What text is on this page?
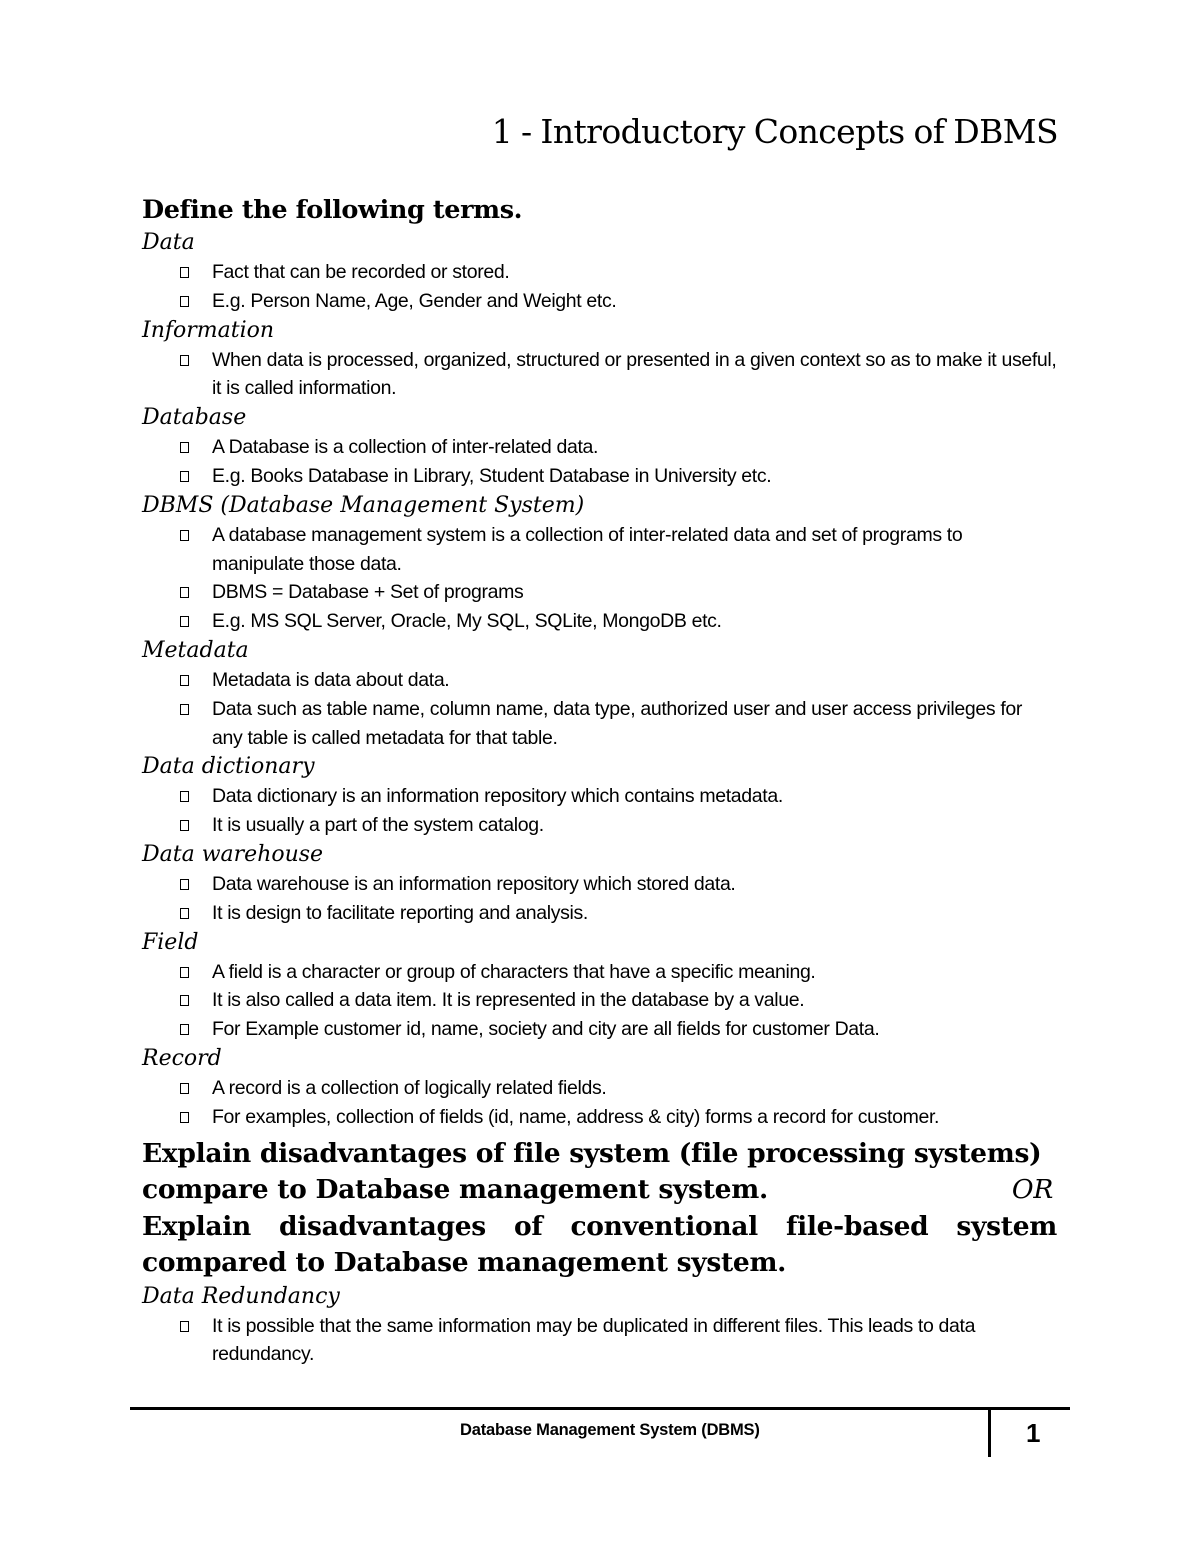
1 - Introductory Concepts of DBMS
Define the following terms.
Data
Fact that can be recorded or stored.
E.g. Person Name, Age, Gender and Weight etc.
Information
When data is processed, organized, structured or presented in a given context so as to make it useful, it is called information.
Database
A Database is a collection of inter-related data.
E.g. Books Database in Library, Student Database in University etc.
DBMS (Database Management System)
A database management system is a collection of inter-related data and set of programs to manipulate those data.
DBMS = Database + Set of programs
E.g. MS SQL Server, Oracle, My SQL, SQLite, MongoDB etc.
Metadata
Metadata is data about data.
Data such as table name, column name, data type, authorized user and user access privileges for any table is called metadata for that table.
Data dictionary
Data dictionary is an information repository which contains metadata.
It is usually a part of the system catalog.
Data warehouse
Data warehouse is an information repository which stored data.
It is design to facilitate reporting and analysis.
Field
A field is a character or group of characters that have a specific meaning.
It is also called a data item. It is represented in the database by a value.
For Example customer id, name, society and city are all fields for customer Data.
Record
A record is a collection of logically related fields.
For examples, collection of fields (id, name, address & city) forms a record for customer.
Explain disadvantages of file system (file processing systems)
compare to Database management system.	OR
Explain disadvantages of conventional file-based system
compared to Database management system.
Data Redundancy
It is possible that the same information may be duplicated in different files. This leads to data redundancy.
Database Management System (DBMS)	1
